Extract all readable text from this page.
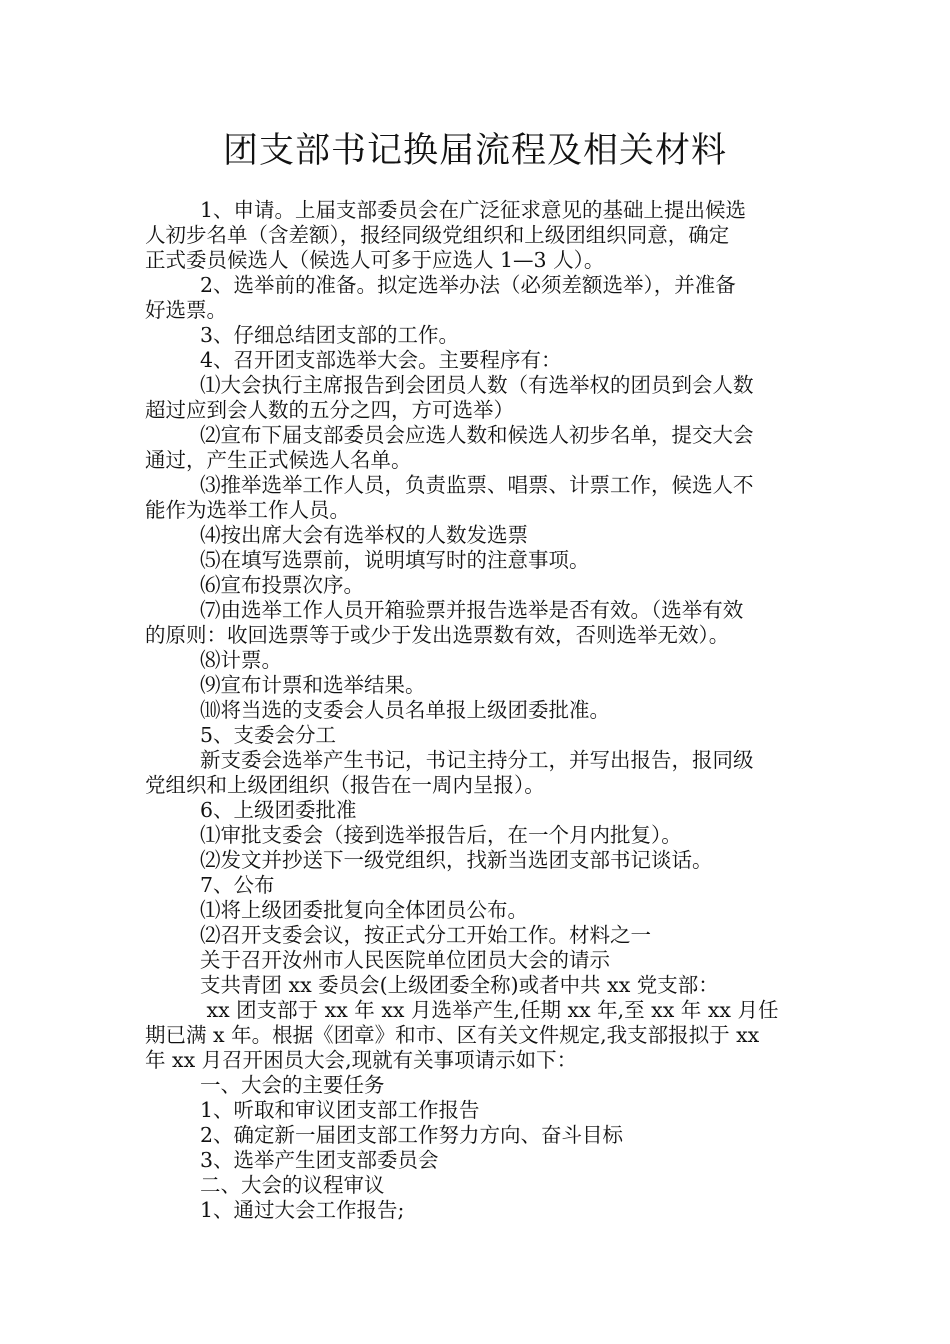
团支部书记换届流程及相关材料
1、申请。上届支部委员会在广泛征求意见的基础上提出候选
人初步名单（含差额），报经同级党组织和上级团组织同意，确定
正式委员候选人（候选人可多于应选人 1—3 人）。
2、选举前的准备。拟定选举办法（必须差额选举），并准备
好选票。
3、仔细总结团支部的工作。
4、召开团支部选举大会。主要程序有：
⑴大会执行主席报告到会团员人数（有选举权的团员到会人数
超过应到会人数的五分之四，方可选举）
⑵宣布下届支部委员会应选人数和候选人初步名单，提交大会
通过，产生正式候选人名单。
⑶推举选举工作人员，负责监票、唱票、计票工作，候选人不
能作为选举工作人员。
⑷按出席大会有选举权的人数发选票
⑸在填写选票前，说明填写时的注意事项。
⑹宣布投票次序。
⑺由选举工作人员开箱验票并报告选举是否有效。（选举有效
的原则：收回选票等于或少于发出选票数有效，否则选举无效）。
⑻计票。
⑼宣布计票和选举结果。
⑽将当选的支委会人员名单报上级团委批准。
5、支委会分工
新支委会选举产生书记，书记主持分工，并写出报告，报同级
党组织和上级团组织（报告在一周内呈报）。
6、上级团委批准
⑴审批支委会（接到选举报告后，在一个月内批复）。
⑵发文并抄送下一级党组织，找新当选团支部书记谈话。
7、公布
⑴将上级团委批复向全体团员公布。
⑵召开支委会议，按正式分工开始工作。材料之一
关于召开汝州市人民医院单位团员大会的请示
支共青团 xx 委员会(上级团委全称)或者中共 xx 党支部：
xx 团支部于 xx 年 xx 月选举产生,任期 xx 年,至 xx 年 xx 月任
期已满 x 年。根据《团章》和市、区有关文件规定,我支部报拟于 xx
年 xx 月召开困员大会,现就有关事项请示如下：
一、大会的主要任务
1、听取和审议团支部工作报告
2、确定新一届团支部工作努力方向、奋斗目标
3、选举产生团支部委员会
二、大会的议程审议
1、通过大会工作报告;
